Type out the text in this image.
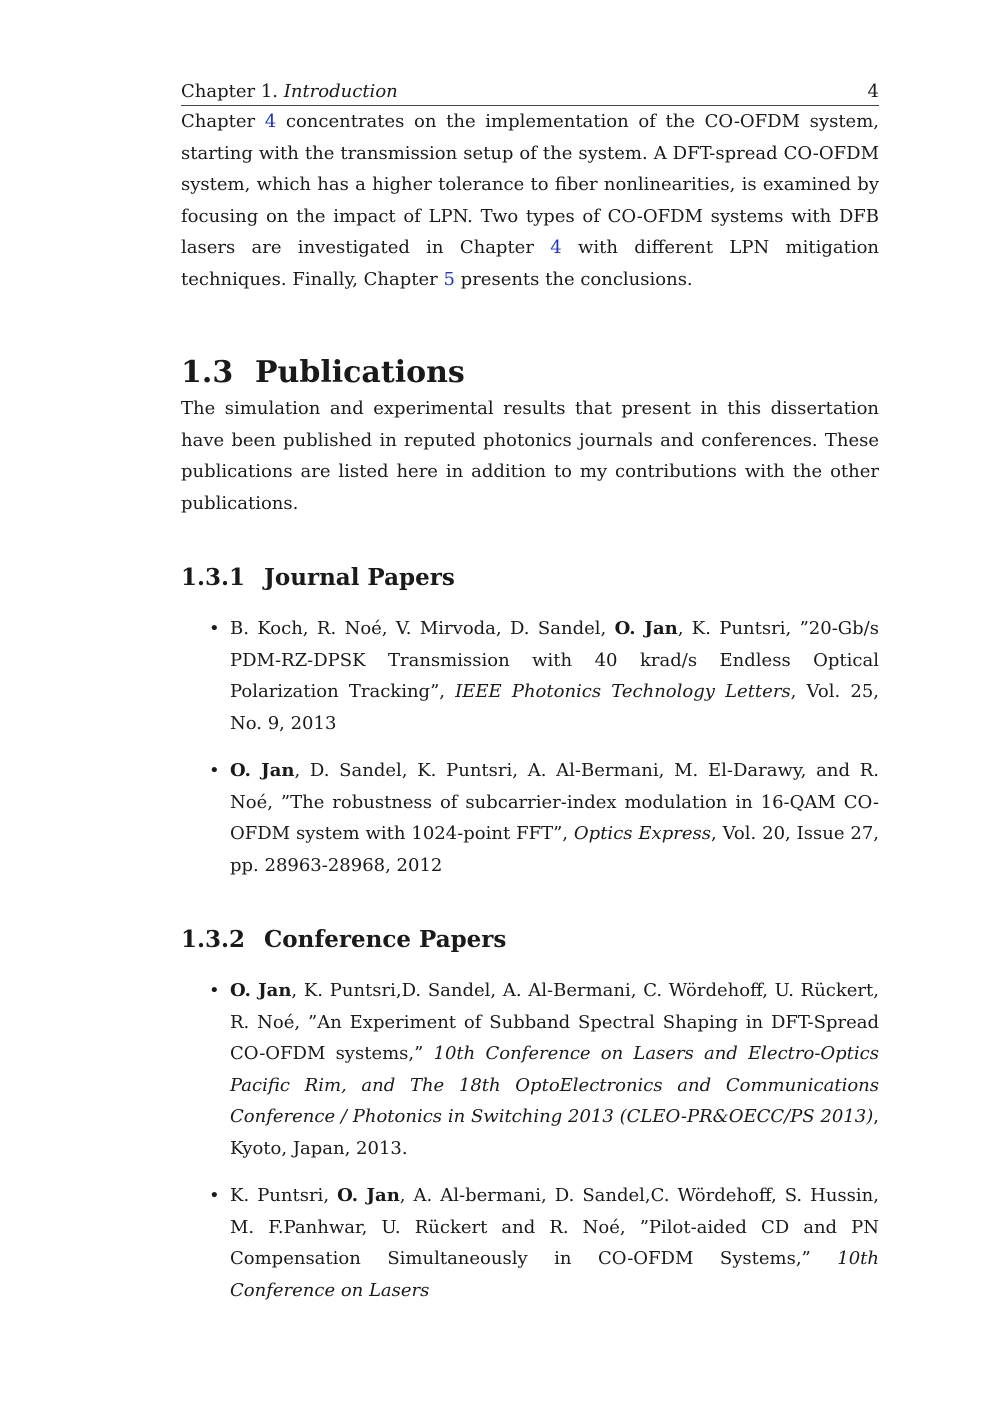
Chapter 1. Introduction	4

Chapter 4 concentrates on the implementation of the CO-OFDM system, starting with the transmission setup of the system. A DFT-spread CO-OFDM system, which has a higher tolerance to fiber nonlinearities, is examined by focusing on the impact of LPN. Two types of CO-OFDM systems with DFB lasers are investigated in Chapter 4 with different LPN mitigation techniques. Finally, Chapter 5 presents the conclusions.

1.3 Publications

The simulation and experimental results that present in this dissertation have been published in reputed photonics journals and conferences. These publications are listed here in addition to my contributions with the other publications.

1.3.1 Journal Papers
• B. Koch, R. Noé, V. Mirvoda, D. Sandel, O. Jan, K. Puntsri, ”20-Gb/s PDM-RZ-DPSK Transmission with 40 krad/s Endless Optical Polarization Tracking”, IEEE Photonics Technology Letters, Vol. 25, No. 9, 2013
• O. Jan, D. Sandel, K. Puntsri, A. Al-Bermani, M. El-Darawy, and R. Noé, ”The robustness of subcarrier-index modulation in 16-QAM CO-OFDM system with 1024-point FFT”, Optics Express, Vol. 20, Issue 27, pp. 28963-28968, 2012
1.3.2 Conference Papers
• O. Jan, K. Puntsri,D. Sandel, A. Al-Bermani, C. Wördehoff, U. Rückert, R. Noé, ”An Experiment of Subband Spectral Shaping in DFT-Spread CO-OFDM systems,” 10th Conference on Lasers and Electro-Optics Pacific Rim, and The 18th OptoElectronics and Communications Conference / Photonics in Switching 2013 (CLEO-PR&OECC/PS 2013), Kyoto, Japan, 2013.
• K. Puntsri, O. Jan, A. Al-bermani, D. Sandel,C. Wördehoff, S. Hussin, M. F.Panhwar, U. Rückert and R. Noé, ”Pilot-aided CD and PN Compensation Simultaneously in CO-OFDM Systems,” 10th Conference on Lasers
